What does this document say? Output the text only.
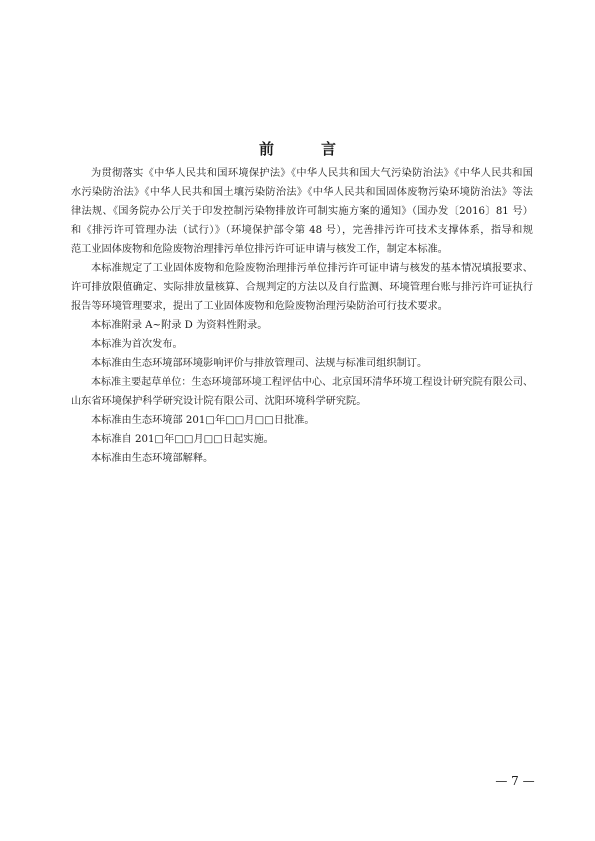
前　言
为贯彻落实《中华人民共和国环境保护法》《中华人民共和国大气污染防治法》《中华人民共和国
水污染防治法》《中华人民共和国土壤污染防治法》《中华人民共和国固体废物污染环境防治法》等法
律法规、《国务院办公厅关于印发控制污染物排放许可制实施方案的通知》（国办发〔2016〕81 号）
和《排污许可管理办法（试行）》（环境保护部令第 48 号），完善排污许可技术支撑体系，指导和规
范工业固体废物和危险废物治理排污单位排污许可证申请与核发工作，制定本标准。
本标准规定了工业固体废物和危险废物治理排污单位排污许可证申请与核发的基本情况填报要求、
许可排放限值确定、实际排放量核算、合规判定的方法以及自行监测、环境管理台账与排污许可证执行
报告等环境管理要求，提出了工业固体废物和危险废物治理污染防治可行技术要求。

本标准附录 A~附录 D 为资料性附录。

本标准为首次发布。

本标准由生态环境部环境影响评价与排放管理司、法规与标准司组织制订。

本标准主要起草单位：生态环境部环境工程评估中心、北京国环清华环境工程设计研究院有限公司、
山东省环境保护科学研究设计院有限公司、沈阳环境科学研究院。

本标准由生态环境部 201□年□□月□□日批准。

本标准自 201□年□□月□□日起实施。

本标准由生态环境部解释。

— 7 —
